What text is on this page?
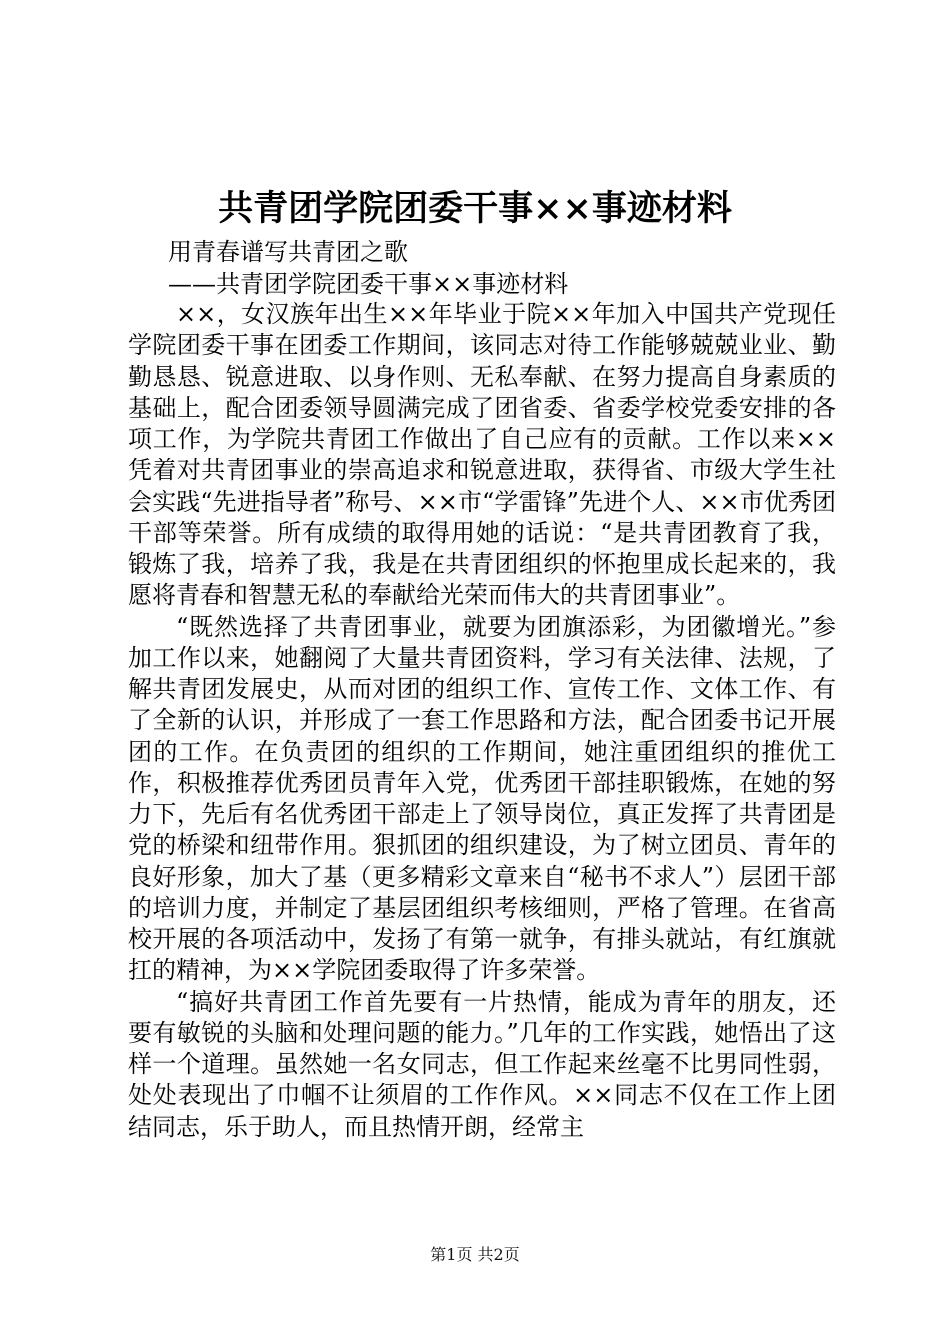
共青团学院团委干事××事迹材料
用青春谱写共青团之歌
——共青团学院团委干事××事迹材料

××，女汉族年出生××年毕业于院××年加入中国共产党现任学院团委干事在团委工作期间，该同志对待工作能够兢兢业业、勤勤恳恳、锐意进取、以身作则、无私奉献、在努力提高自身素质的基础上，配合团委领导圆满完成了团省委、省委学校党委安排的各项工作，为学院共青团工作做出了自己应有的贡献。工作以来××凭着对共青团事业的崇高追求和锐意进取，获得省、市级大学生社会实践“先进指导者”称号、××市“学雷锋”先进个人、××市优秀团干部等荣誉。所有成绩的取得用她的话说：“是共青团教育了我，锻炼了我，培养了我，我是在共青团组织的怀抱里成长起来的，我愿将青春和智慧无私的奉献给光荣而伟大的共青团事业”。

“既然选择了共青团事业，就要为团旗添彩，为团徽增光。”参加工作以来，她翻阅了大量共青团资料，学习有关法律、法规，了解共青团发展史，从而对团的组织工作、宣传工作、文体工作、有了全新的认识，并形成了一套工作思路和方法，配合团委书记开展团的工作。在负责团的组织的工作期间，她注重团组织的推优工作，积极推荐优秀团员青年入党，优秀团干部挂职锻炼，在她的努力下，先后有名优秀团干部走上了领导岗位，真正发挥了共青团是党的桥梁和纽带作用。狠抓团的组织建设，为了树立团员、青年的良好形象，加大了基（更多精彩文章来自“秘书不求人”）层团干部的培训力度，并制定了基层团组织考核细则，严格了管理。在省高校开展的各项活动中，发扬了有第一就争，有排头就站，有红旗就扛的精神，为××学院团委取得了许多荣誉。

“搞好共青团工作首先要有一片热情，能成为青年的朋友，还要有敏锐的头脑和处理问题的能力。”几年的工作实践，她悟出了这样一个道理。虽然她一名女同志，但工作起来丝毫不比男同性弱，处处表现出了巾帼不让须眉的工作作风。××同志不仅在工作上团结同志，乐于助人，而且热情开朗，经常主

第1页 共2页
